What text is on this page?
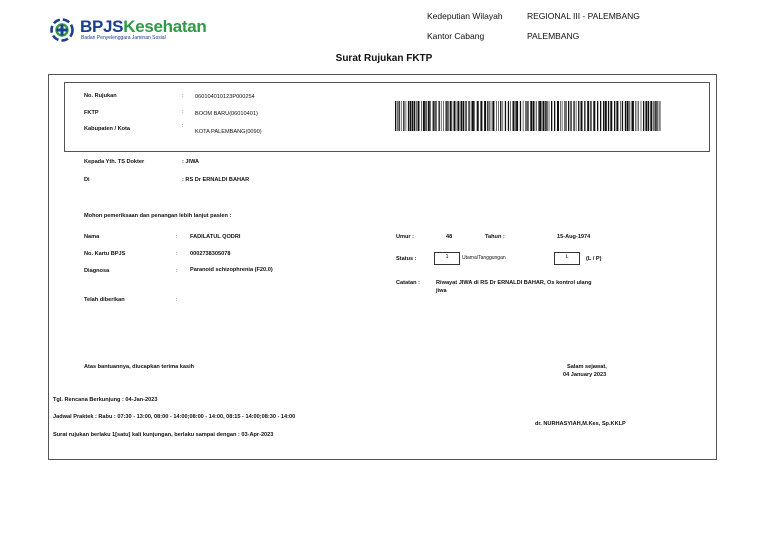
BPJSKesehatan
Badan Penyelenggara Jaminan Sosial
Kedeputian Wilayah	REGIONAL III - PALEMBANG
Kantor Cabang	PALEMBANG
Surat Rujukan FKTP
No. Rujukan	: 060104010123P000254
FKTP	: BOOM BARU(06010401)
Kabupaten / Kota	:
KOTA PALEMBANG(0090)
Kepada Yth. TS Dokter	: JIWA
Di	: RS Dr ERNALDI BAHAR
Mohon pemeriksaan dan penangan lebih lanjut pasien :
Nama	: FADILATUL QODRI
No. Kartu BPJS	: 0002738305078
Diagnosa	: Paranoid schizophrenia (F20.0)
Telah diberikan	:
Umur :	48	Tahun :	15-Aug-1974
Status :	1	Utama/Tanggungan	L	(L / P)
Catatan :	Riwayat JIWA di RS Dr ERNALDI BAHAR, Os kontrol ulang
jiwa
Atas bantuannya, diucapkan terima kasih	Salam sejawat,
04 January 2023
Tgl. Rencana Berkunjung : 04-Jan-2023
Jadwal Praktek : Rabu : 07:30 - 13:00, 08:00 - 14:00;08:00 - 14:00, 08:15 - 14:00;08:30 - 14:00
Surat rujukan berlaku 1[satu] kali kunjungan, berlaku sampai dengan : 03-Apr-2023
dr. NURHASYIAH,M.Kes, Sp.KKLP
